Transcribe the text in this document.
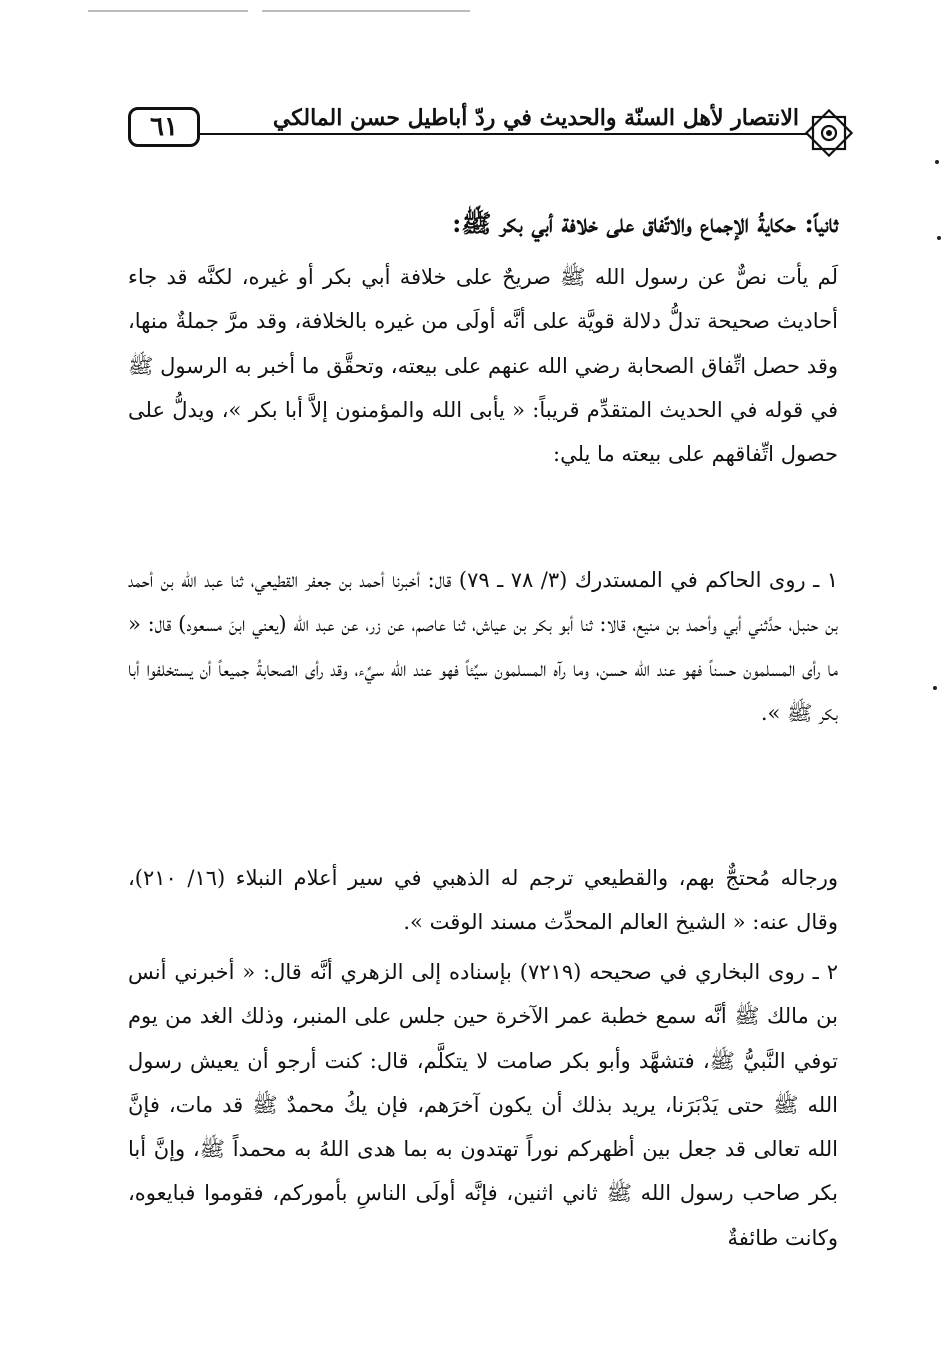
٦١	الانتصار لأهل السنّة والحديث في ردّ أباطيل حسن المالكي
ثانياً: حكايةُ الإجماع والاتّفاق على خلافة أبي بكر ﷺ:

لَم يأت نصٌّ عن رسول الله ﷺ صريحٌ على خلافة أبي بكر أو غيره، لكنَّه قد جاء أحاديث صحيحة تدلُّ دلالة قويَّة على أنَّه أولَى من غيره بالخلافة، وقد مرَّ جملةٌ منها، وقد حصل اتِّفاق الصحابة رضي الله عنهم على بيعته، وتحقَّق ما أخبر به الرسول ﷺ في قوله في الحديث المتقدِّم قريباً: « يأبى الله والمؤمنون إلاَّ أبا بكر »، ويدلُّ على حصول اتِّفاقهم على بيعته ما يلي:

١ ـ روى الحاكم في المستدرك (٣/ ٧٨ ـ ٧٩) قال: أخبرنا أحمد بن جعفر القطيعي، ثنا عبد الله بن أحمد بن حنبل، حدَّثني أبي وأحمد بن منيع، قالا: ثنا أبو بكر بن عياش، ثنا عاصم، عن زر، عن عبد الله (يعني ابنَ مسعود) قال: « ما رأى المسلمون حسناً فهو عند الله حسن، وما رآه المسلمون سيِّئاً فهو عند الله سيِّء، وقد رأى الصحابةُ جميعاً أن يستخلفوا أبا بكر ﷺ ».

ورجاله مُحتجٌّ بهم، والقطيعي ترجم له الذهبي في سير أعلام النبلاء (١٦/ ٢١٠)، وقال عنه: « الشيخ العالم المحدِّث مسند الوقت ».

٢ ـ روى البخاري في صحيحه (٧٢١٩) بإسناده إلى الزهري أنَّه قال: « أخبرني أنس بن مالك ﷺ أنَّه سمع خطبة عمر الآخرة حين جلس على المنبر، وذلك الغد من يوم توفي النَّبيُّ ﷺ، فتشهَّد وأبو بكر صامت لا يتكلَّم، قال: كنت أرجو أن يعيش رسول الله ﷺ حتى يَدْبَرَنا، يريد بذلك أن يكون آخرَهم، فإن يكُ محمدٌ ﷺ قد مات، فإنَّ الله تعالى قد جعل بين أظهركم نوراً تهتدون به بما هدى اللهُ به محمداً ﷺ، وإنَّ أبا بكر صاحب رسول الله ﷺ ثاني اثنين، فإنَّه أولَى الناسِ بأموركم، فقوموا فبايعوه، وكانت طائفةٌ
